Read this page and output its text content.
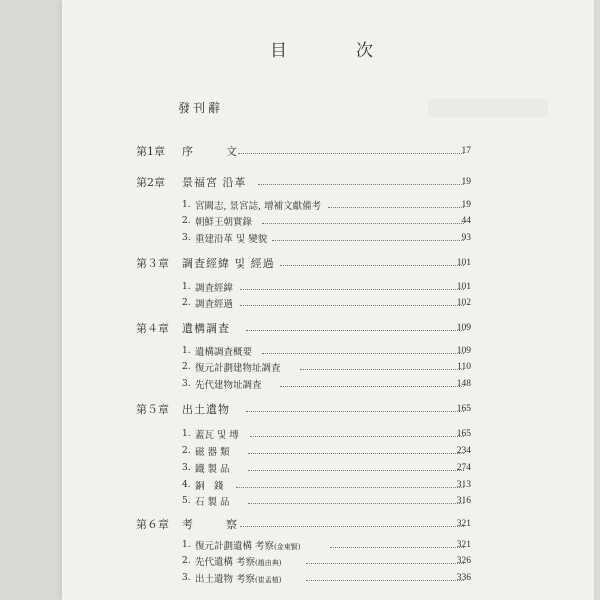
目　次
發刊辭
第1章 序　文	17
第2章 景福宮 沿革	19
1. 宮闕志, 景宮誌, 增補文獻備考	19
2. 朝鮮王朝實錄	44
3. 重建沿革 및 變貌	93
第３章 調査經緯 및 經過	101
1. 調査經緯	101
2. 調査經過	102
第４章 遺構調査	109
1. 遺構調査概要	109
2. 復元計劃建物址調査	110
3. 先代建物址調査	148
第５章 出土遺物	165
1. 蓋瓦 및 塼	165
2. 磁 器 類	234
3. 鐵 製 品	274
4. 銅　錢	313
5. 石 製 品	316
第６章 考　察	321
1. 復元計劃遺構 考察(金東賢)	321
2. 先代遺構 考察(趙由典)	326
3. 出土遺物 考察(崔孟植)	336
